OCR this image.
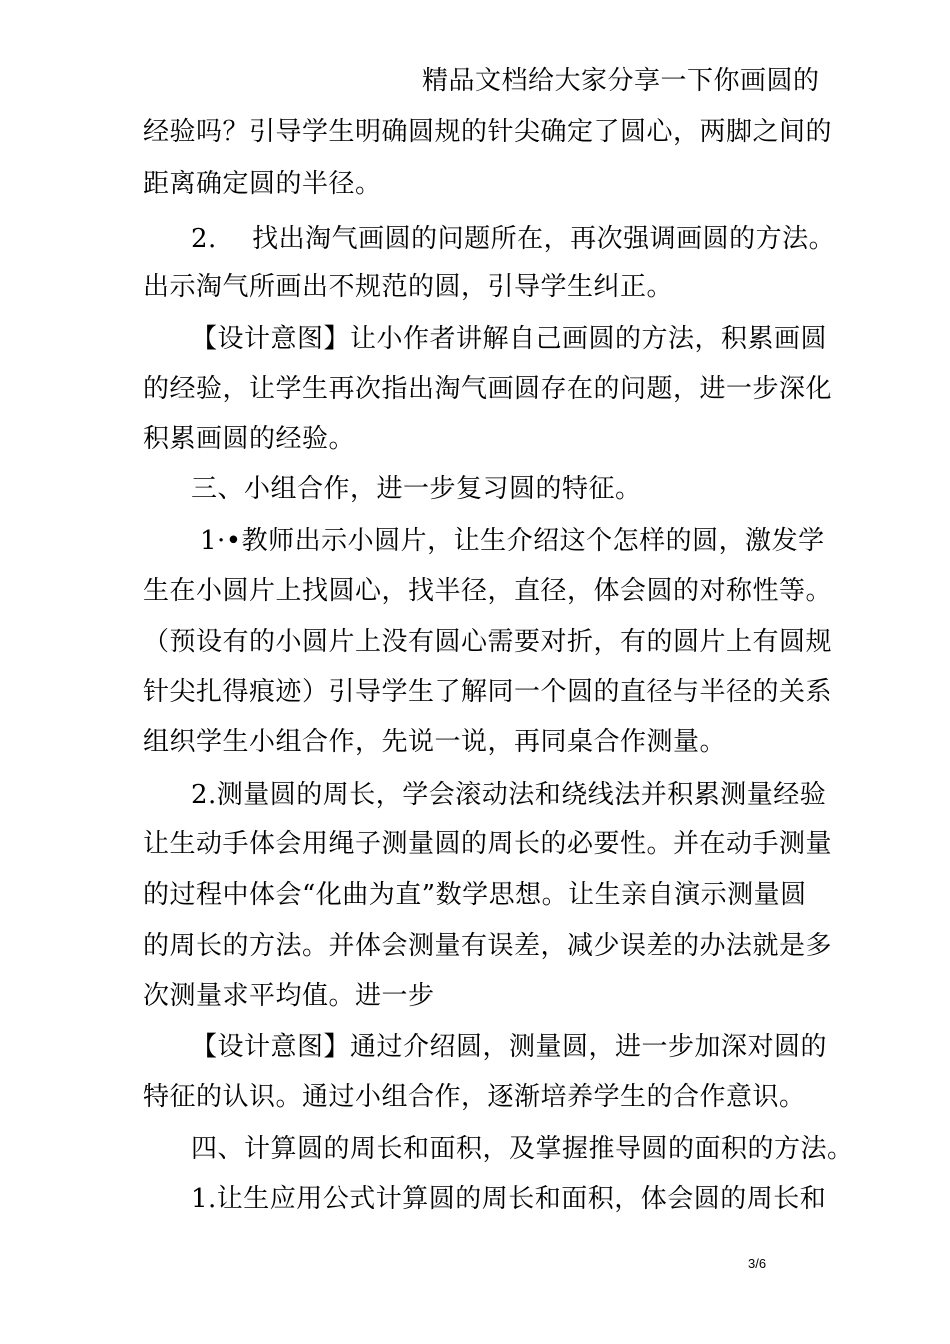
精品文档给大家分享一下你画圆的
经验吗？引导学生明确圆规的针尖确定了圆心，两脚之间的
距离确定圆的半径。
2.　 找出淘气画圆的问题所在，再次强调画圆的方法。
出示淘气所画出不规范的圆，引导学生纠正。
【设计意图】让小作者讲解自己画圆的方法，积累画圆
的经验，让学生再次指出淘气画圆存在的问题，进一步深化
积累画圆的经验。
三、小组合作，进一步复习圆的特征。
1·•教师出示小圆片，让生介绍这个怎样的圆，激发学
生在小圆片上找圆心，找半径，直径，体会圆的对称性等。
（预设有的小圆片上没有圆心需要对折，有的圆片上有圆规
针尖扎得痕迹）引导学生了解同一个圆的直径与半径的关系
组织学生小组合作，先说一说，再同桌合作测量。
2.测量圆的周长，学会滚动法和绕线法并积累测量经验
让生动手体会用绳子测量圆的周长的必要性。并在动手测量
的过程中体会“化曲为直”数学思想。让生亲自演示测量圆
的周长的方法。并体会测量有误差，减少误差的办法就是多
次测量求平均值。进一步
【设计意图】通过介绍圆，测量圆，进一步加深对圆的
特征的认识。通过小组合作，逐渐培养学生的合作意识。
四、计算圆的周长和面积，及掌握推导圆的面积的方法。
1.让生应用公式计算圆的周长和面积，体会圆的周长和
3/6
